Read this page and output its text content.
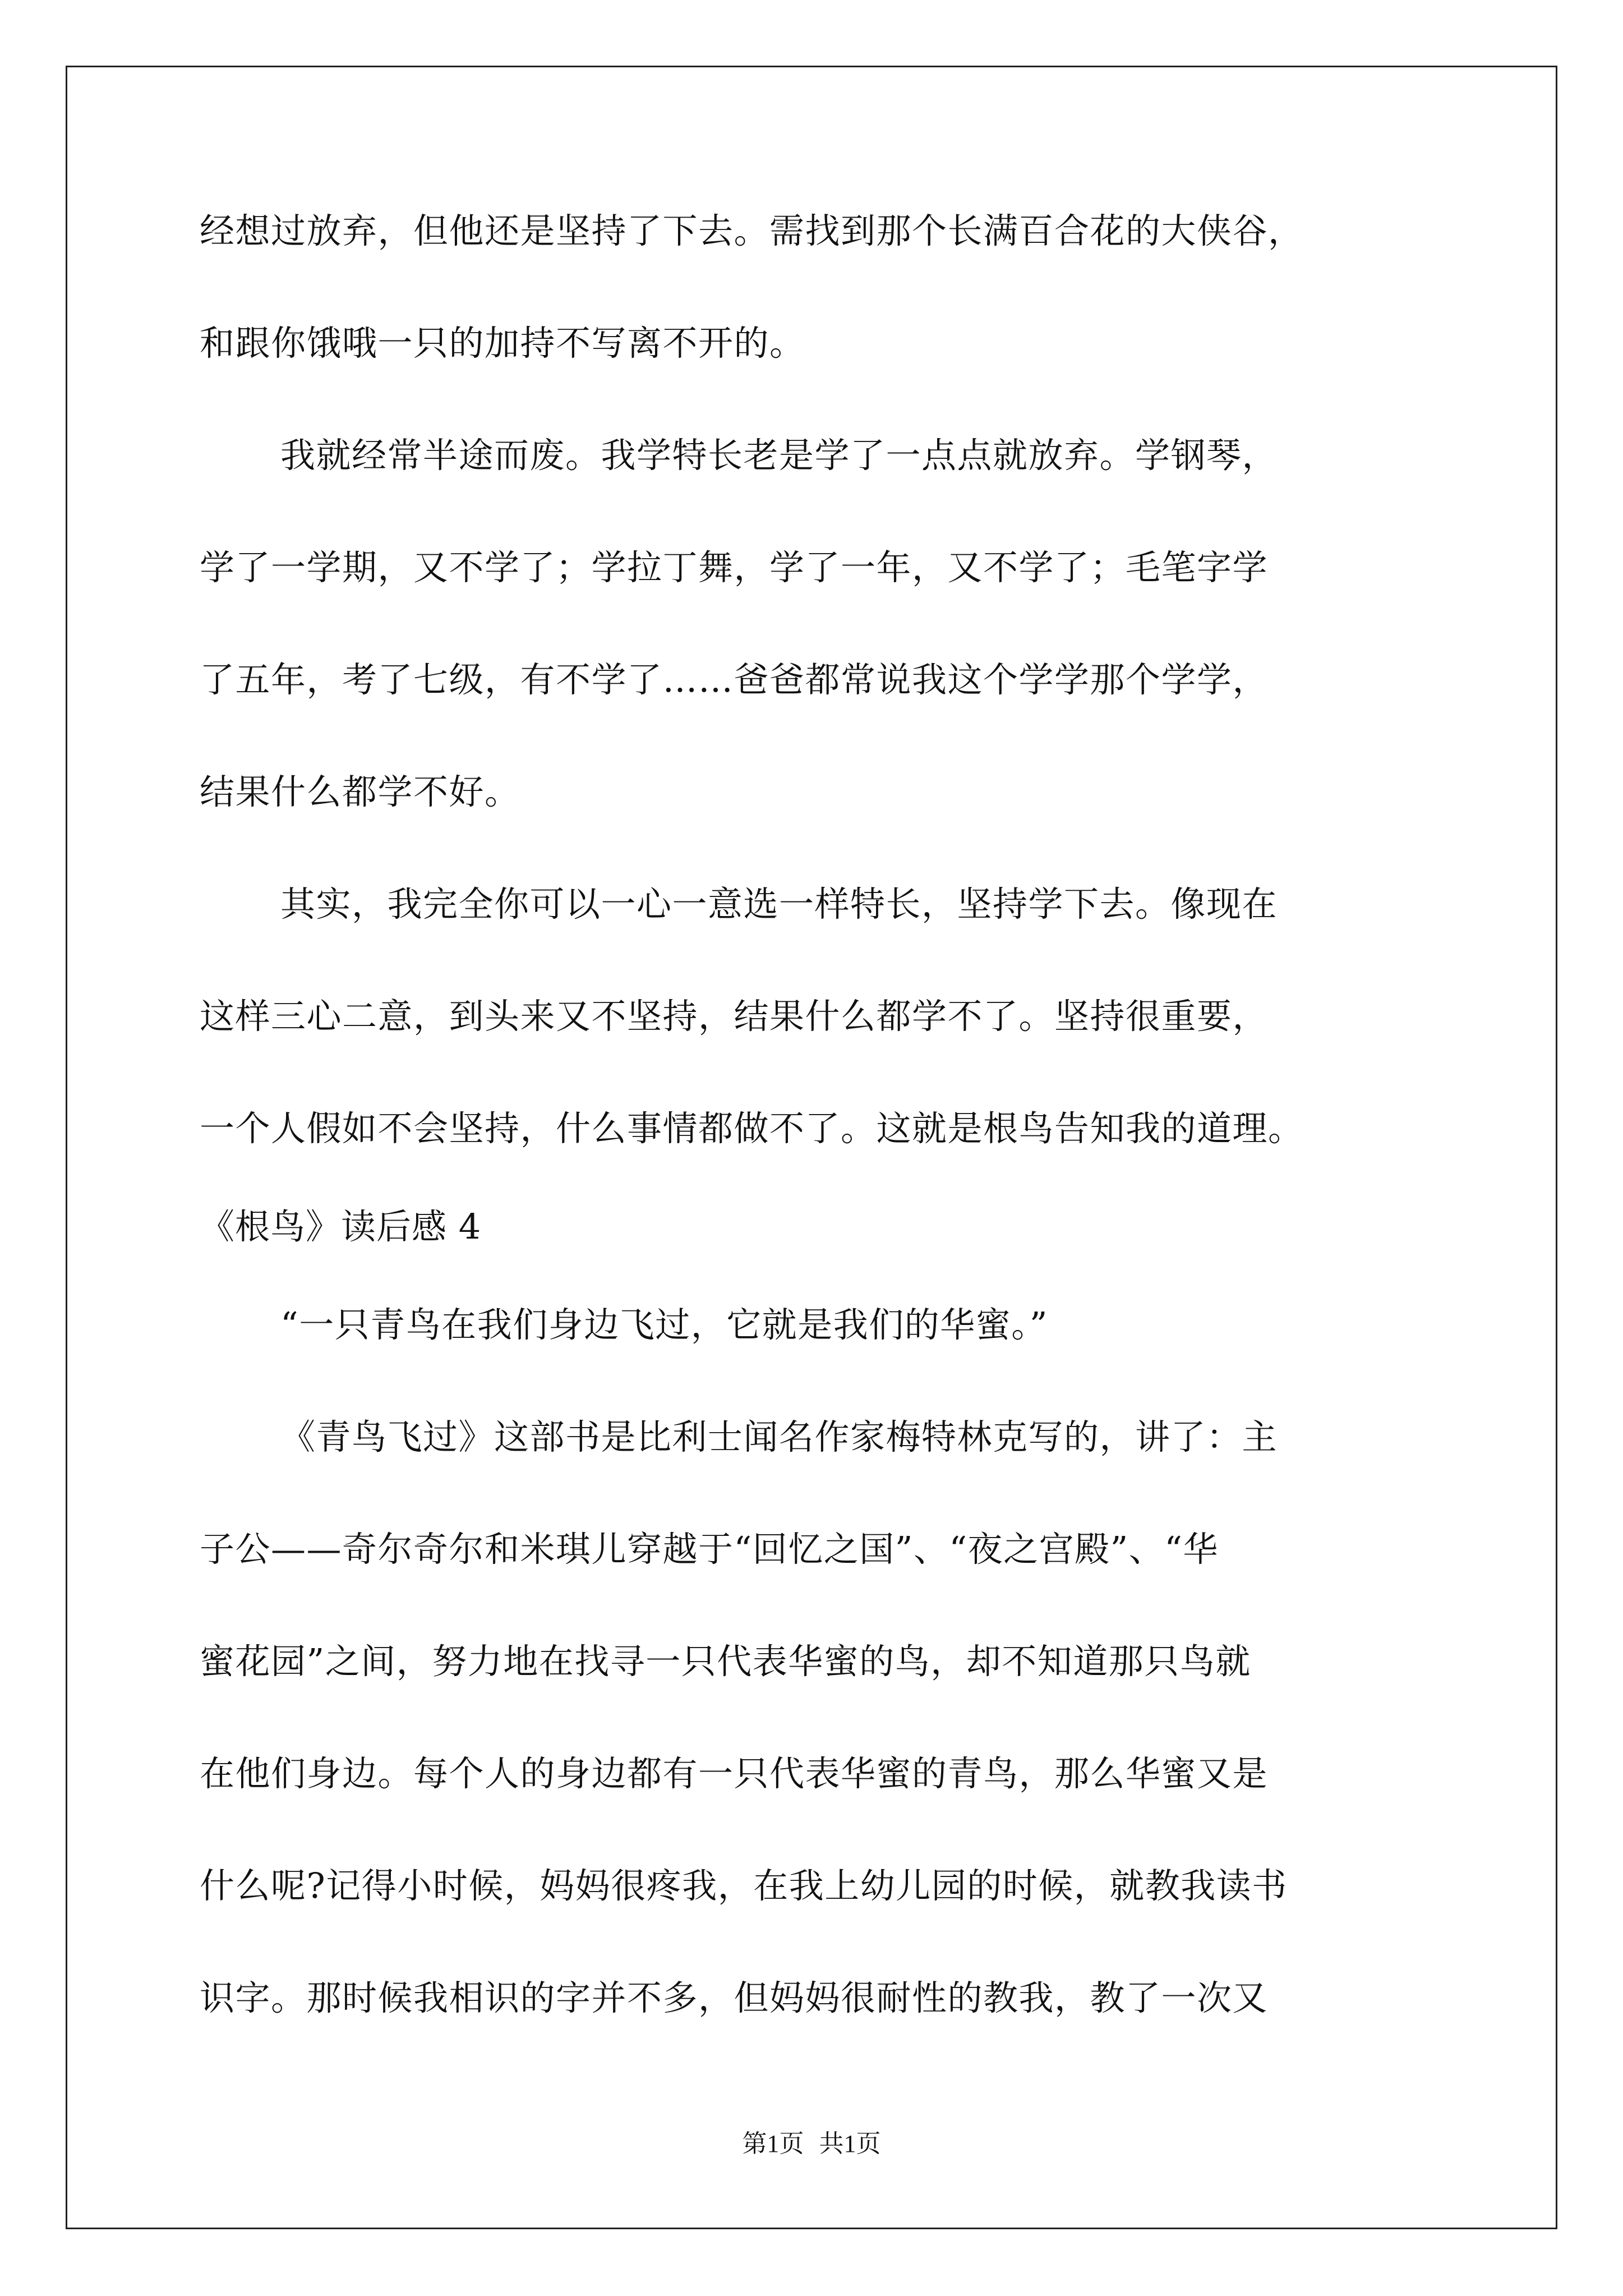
经想过放弃，但他还是坚持了下去。需找到那个长满百合花的大侠谷，
和跟你饿哦一只的加持不写离不开的。
我就经常半途而废。我学特长老是学了一点点就放弃。学钢琴，
学了一学期，又不学了；学拉丁舞，学了一年，又不学了；毛笔字学
了五年，考了七级，有不学了……爸爸都常说我这个学学那个学学，
结果什么都学不好。
其实，我完全你可以一心一意选一样特长，坚持学下去。像现在
这样三心二意，到头来又不坚持，结果什么都学不了。坚持很重要，
一个人假如不会坚持，什么事情都做不了。这就是根鸟告知我的道理。
《根鸟》读后感 4
“一只青鸟在我们身边飞过，它就是我们的华蜜。”
《青鸟飞过》这部书是比利士闻名作家梅特林克写的，讲了：主
子公——奇尔奇尔和米琪儿穿越于“回忆之国”、“夜之宫殿”、“华
蜜花园”之间，努力地在找寻一只代表华蜜的鸟，却不知道那只鸟就
在他们身边。每个人的身边都有一只代表华蜜的青鸟，那么华蜜又是
什么呢?记得小时候，妈妈很疼我，在我上幼儿园的时候，就教我读书
识字。那时候我相识的字并不多，但妈妈很耐性的教我，教了一次又
第1页 共1页
